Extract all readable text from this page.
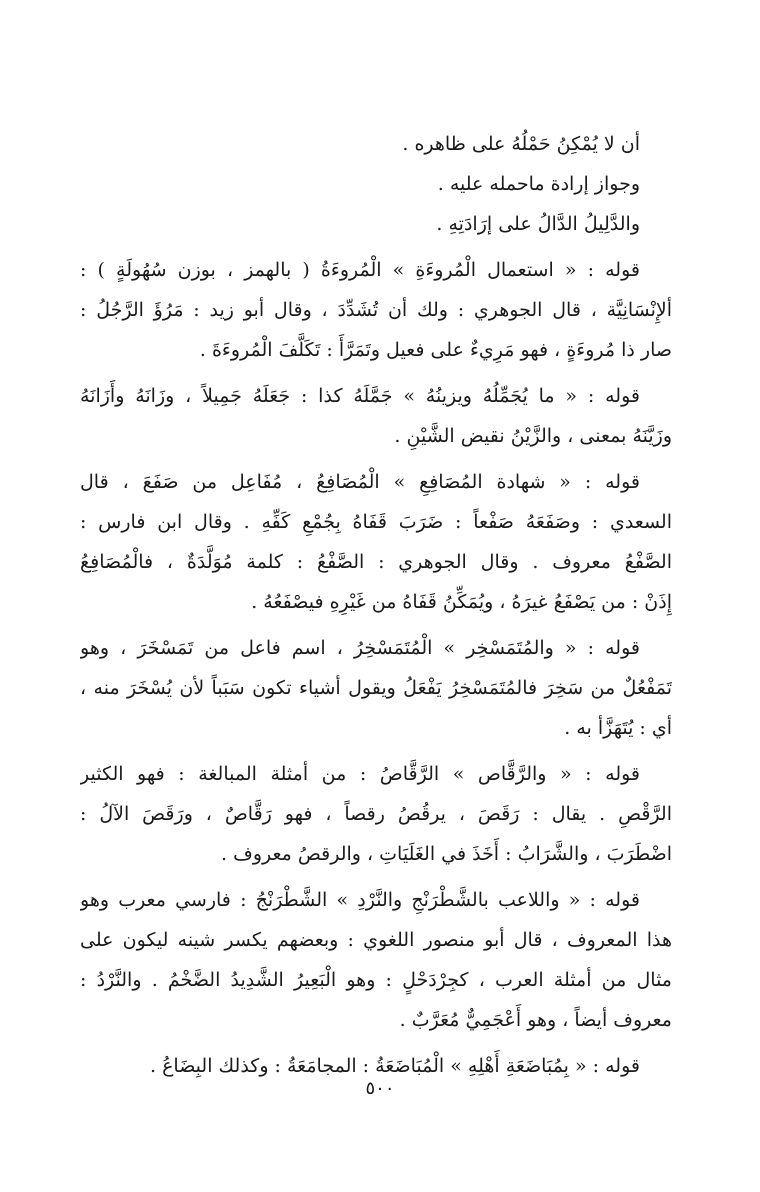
أن لا يُمْكِنُ حَمْلُهُ على ظاهره .
وجواز إرادة ماحمله عليه .
والدَّلِيلُ الدَّالُ على إرَادَتِهِ .
قوله : « استعمال الْمُروءَةِ » الْمُروءَةُ ( بالهمز ، بوزن سُهُولَةٍ ) :
ألإِنْسَانِيَّة ، قال الجوهري : ولك أن تُشَدِّدَ ، وقال أبو زيد : مَرُؤَ الرَّجُلُ :
صار ذا مُروءَةٍ ، فهو مَرِيءٌ على فعيل وتَمَرَّأَ : تَكَلَّفَ الْمُروءَةَ .
قوله : « ما يُجَمِّلُهُ ويزينُهُ » جَمَّلَهُ كذا : جَعَلَهُ جَمِيلاً ، وزَانَهُ وأَزَانَهُ
وزَيَّنَهُ بمعنى ، والزَّيْنُ نقيض الشَّيْنِ .
قوله : « شهادة المُصَافِعِ » الْمُصَافِعُ ، مُفَاعِل من صَفَعَ ، قال
السعدي : وصَفَعَهُ صَفْعاً : ضَرَبَ قَفَاهُ بِجُمْعِ كَفِّهِ . وقال ابن فارس :
الصَّفْعُ معروف . وقال الجوهري : الصَّفْعُ : كلمة مُوَلَّدَةٌ ، فالْمُصَافِعُ
إِذَنْ : من يَصْفَعُ غيرَهُ ، ويُمَكِّنُ قَفَاهُ من غَيْرِهِ فيصْفَعُهُ .
قوله : « والمُتَمَسْخِر » الْمُتَمَسْخِرُ ، اسم فاعل من تَمَسْخَرَ ، وهو
تَمَفْعُلٌ من سَخِرَ فالمُتَمَسْخِرُ يَفْعَلُ ويقول أشياء تكون سَبَباً لأن يُسْخَرَ منه ،
أي : يُتَهَزَّأ به .
قوله : « والرَّقَّاص » الرَّقَّاصُ : من أمثلة المبالغة : فهو الكثير
الرَّقْصِ . يقال : رَقَصَ ، يرقُصُ رقصاً ، فهو رَقَّاصٌ ، ورَقَصَ الآلُ :
اضْطَرَبَ ، والشَّرَابُ : أَخَذَ في الغَلَيَاتِ ، والرقصُ معروف .
قوله : « واللاعب بالشَّطْرَنْجِ والنَّرْدِ » الشَّطْرَنْجُ : فارسي معرب وهو
هذا المعروف ، قال أبو منصور اللغوي : وبعضهم يكسر شينه ليكون على
مثال من أمثلة العرب ، كجِرْدَحْلٍ : وهو الْبَعِيرُ الشَّدِيدُ الضَّخْمُ . والنَّرْدُ :
معروف أيضاً ، وهو أَعْجَمِيٌّ مُعَرَّبٌ .
قوله : « بِمُبَاضَعَةِ أَهْلِهِ » الْمُبَاضَعَةُ : المجامَعَةُ : وكذلك البِضَاعُ .
٥٠٠
